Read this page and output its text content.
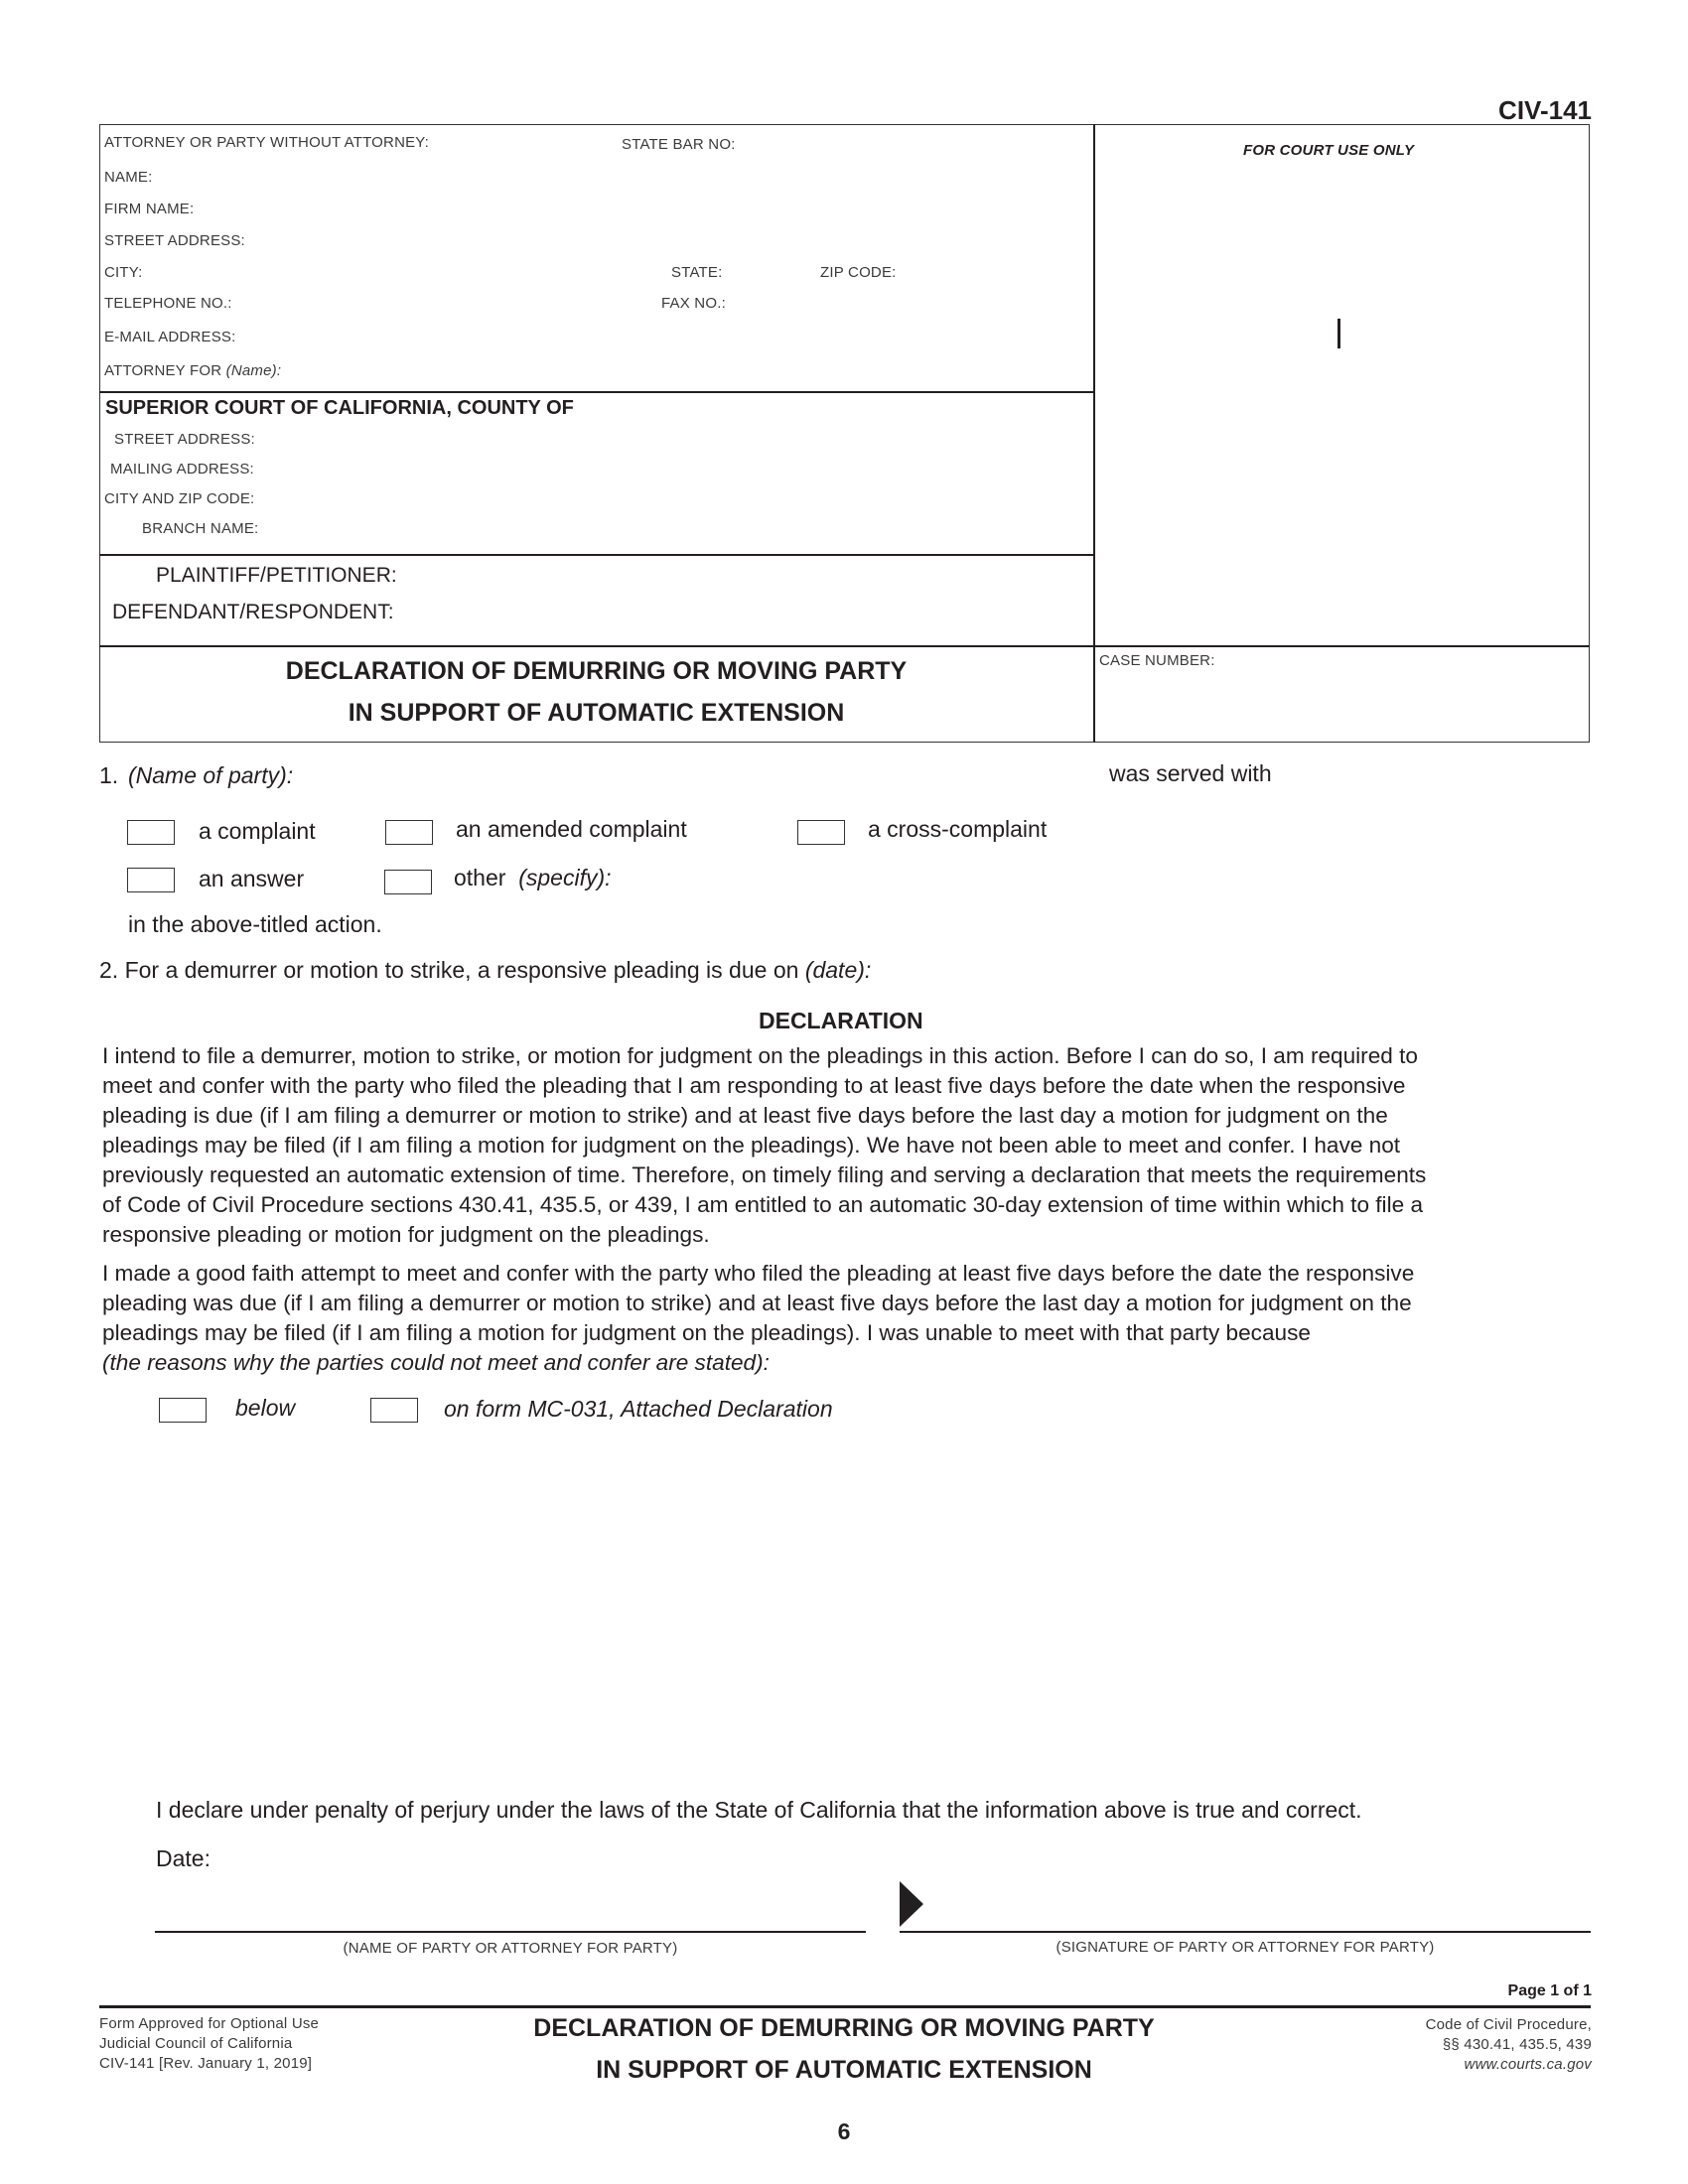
CIV-141
ATTORNEY OR PARTY WITHOUT ATTORNEY:	STATE BAR NO:
NAME:
FIRM NAME:
STREET ADDRESS:
CITY:	STATE:	ZIP CODE:
TELEPHONE NO.:	FAX NO.:
E-MAIL ADDRESS:
ATTORNEY FOR (Name):
FOR COURT USE ONLY
SUPERIOR COURT OF CALIFORNIA, COUNTY OF
STREET ADDRESS:
MAILING ADDRESS:
CITY AND ZIP CODE:
BRANCH NAME:
PLAINTIFF/PETITIONER:
DEFENDANT/RESPONDENT:
DECLARATION OF DEMURRING OR MOVING PARTY
IN SUPPORT OF AUTOMATIC EXTENSION
CASE NUMBER:
1. (Name of party):	was served with
a complaint	an amended complaint	a cross-complaint
an answer	other (specify):
in the above-titled action.
2. For a demurrer or motion to strike, a responsive pleading is due on (date):
DECLARATION
I intend to file a demurrer, motion to strike, or motion for judgment on the pleadings in this action. Before I can do so, I am required to
meet and confer with the party who filed the pleading that I am responding to at least five days before the date when the responsive
pleading is due (if I am filing a demurrer or motion to strike) and at least five days before the last day a motion for judgment on the
pleadings may be filed (if I am filing a motion for judgment on the pleadings). We have not been able to meet and confer. I have not
previously requested an automatic extension of time. Therefore, on timely filing and serving a declaration that meets the requirements
of Code of Civil Procedure sections 430.41, 435.5, or 439, I am entitled to an automatic 30-day extension of time within which to file a
responsive pleading or motion for judgment on the pleadings.
I made a good faith attempt to meet and confer with the party who filed the pleading at least five days before the date the responsive
pleading was due (if I am filing a demurrer or motion to strike) and at least five days before the last day a motion for judgment on the
pleadings may be filed (if I am filing a motion for judgment on the pleadings). I was unable to meet with that party because
(the reasons why the parties could not meet and confer are stated):
below	on form MC-031, Attached Declaration
I declare under penalty of perjury under the laws of the State of California that the information above is true and correct.
Date:
(NAME OF PARTY OR ATTORNEY FOR PARTY)	(SIGNATURE OF PARTY OR ATTORNEY FOR PARTY)
Page 1 of 1
Form Approved for Optional Use
Judicial Council of California
CIV-141 [Rev. January 1, 2019]
DECLARATION OF DEMURRING OR MOVING PARTY
IN SUPPORT OF AUTOMATIC EXTENSION
Code of Civil Procedure,
§§ 430.41, 435.5, 439
www.courts.ca.gov
6
